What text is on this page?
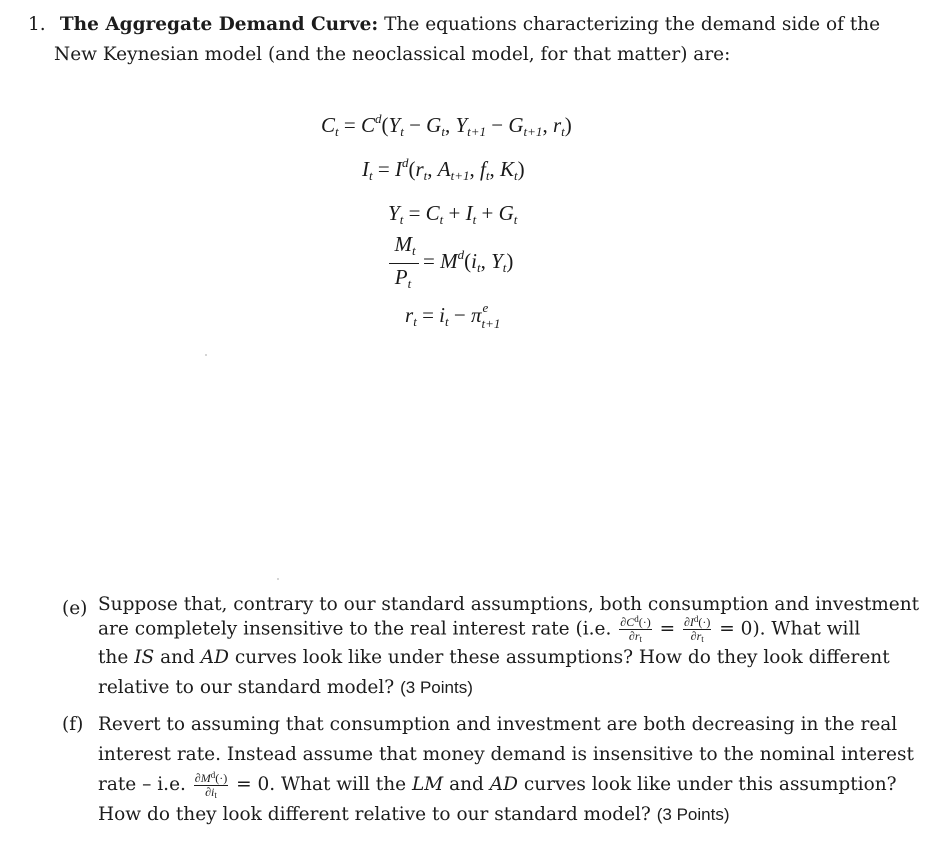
1. The Aggregate Demand Curve: The equations characterizing the demand side of the
New Keynesian model (and the neoclassical model, for that matter) are:
$C_t = C^d(Y_t - G_t$, $Y_{t+1} - G_{t+1}$, $r_t$)
$I_t = I^d(r_t$, $A_{t+1}$, $f_t$, $K_t$)
$Y_t = C_t + I_t + G_t$
$M_t$
$P_t$
= $M^d(i_t$, $Y_t$)
$r_t = i_t - \pi$ e
t+1
(e) Suppose that, contrary to our standard assumptions, both consumption and investment
are completely insensitive to the real interest rate (i.e. $\frac{\partial C^d(\cdot)}{\partial r_t} = \frac{\partial I^d(\cdot)}{\partial r_t} = 0$). What will
the IS and AD curves look like under these assumptions? How do they look different
relative to our standard model? (3 Points)
(f) Revert to assuming that consumption and investment are both decreasing in the real
interest rate. Instead assume that money demand is insensitive to the nominal interest
rate – i.e. $\frac{\partial M^d(\cdot)}{\partial i_t} = 0$. What will the LM and AD curves look like under this assumption?
How do they look different relative to our standard model? (3 Points)
